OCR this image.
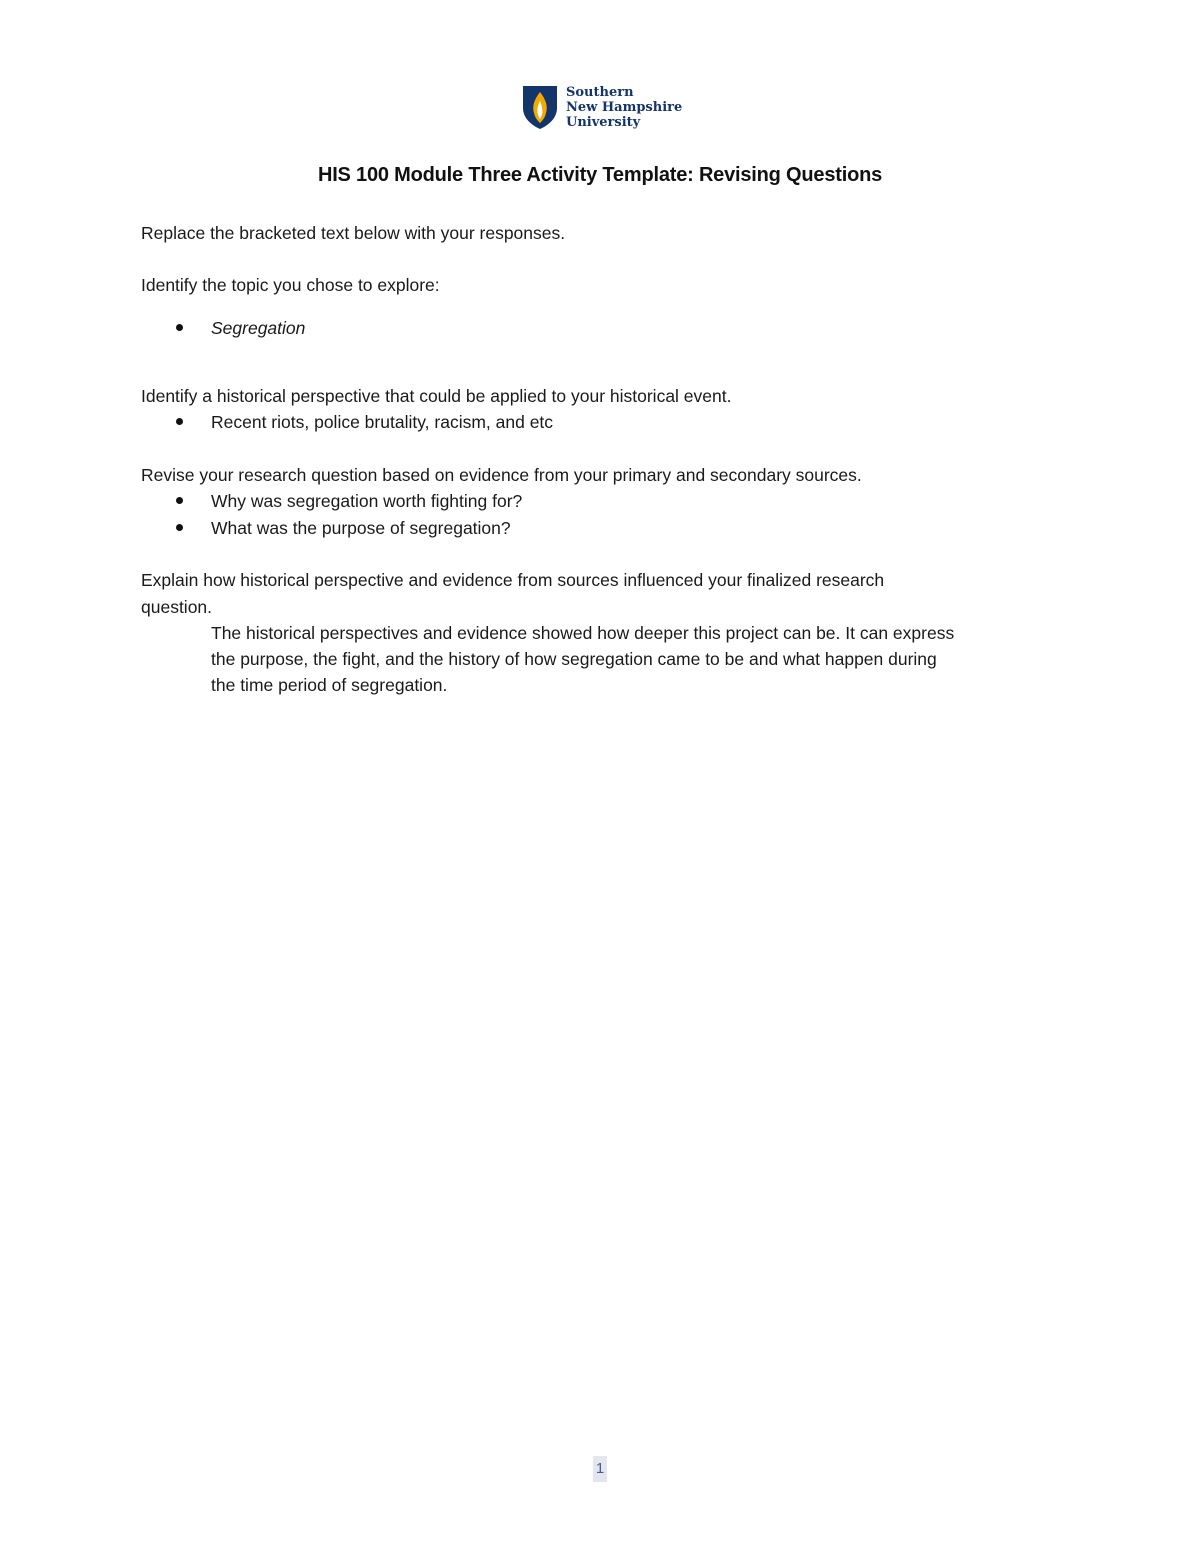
Southern
New Hampshire
University
HIS 100 Module Three Activity Template: Revising Questions
Replace the bracketed text below with your responses.
Identify the topic you chose to explore:
Segregation
Identify a historical perspective that could be applied to your historical event.
Recent riots, police brutality, racism, and etc
Revise your research question based on evidence from your primary and secondary sources.
Why was segregation worth fighting for?
What was the purpose of segregation?
Explain how historical perspective and evidence from sources influenced your finalized research
question.
The historical perspectives and evidence showed how deeper this project can be. It can express
the purpose, the fight, and the history of how segregation came to be and what happen during
the time period of segregation.
1
